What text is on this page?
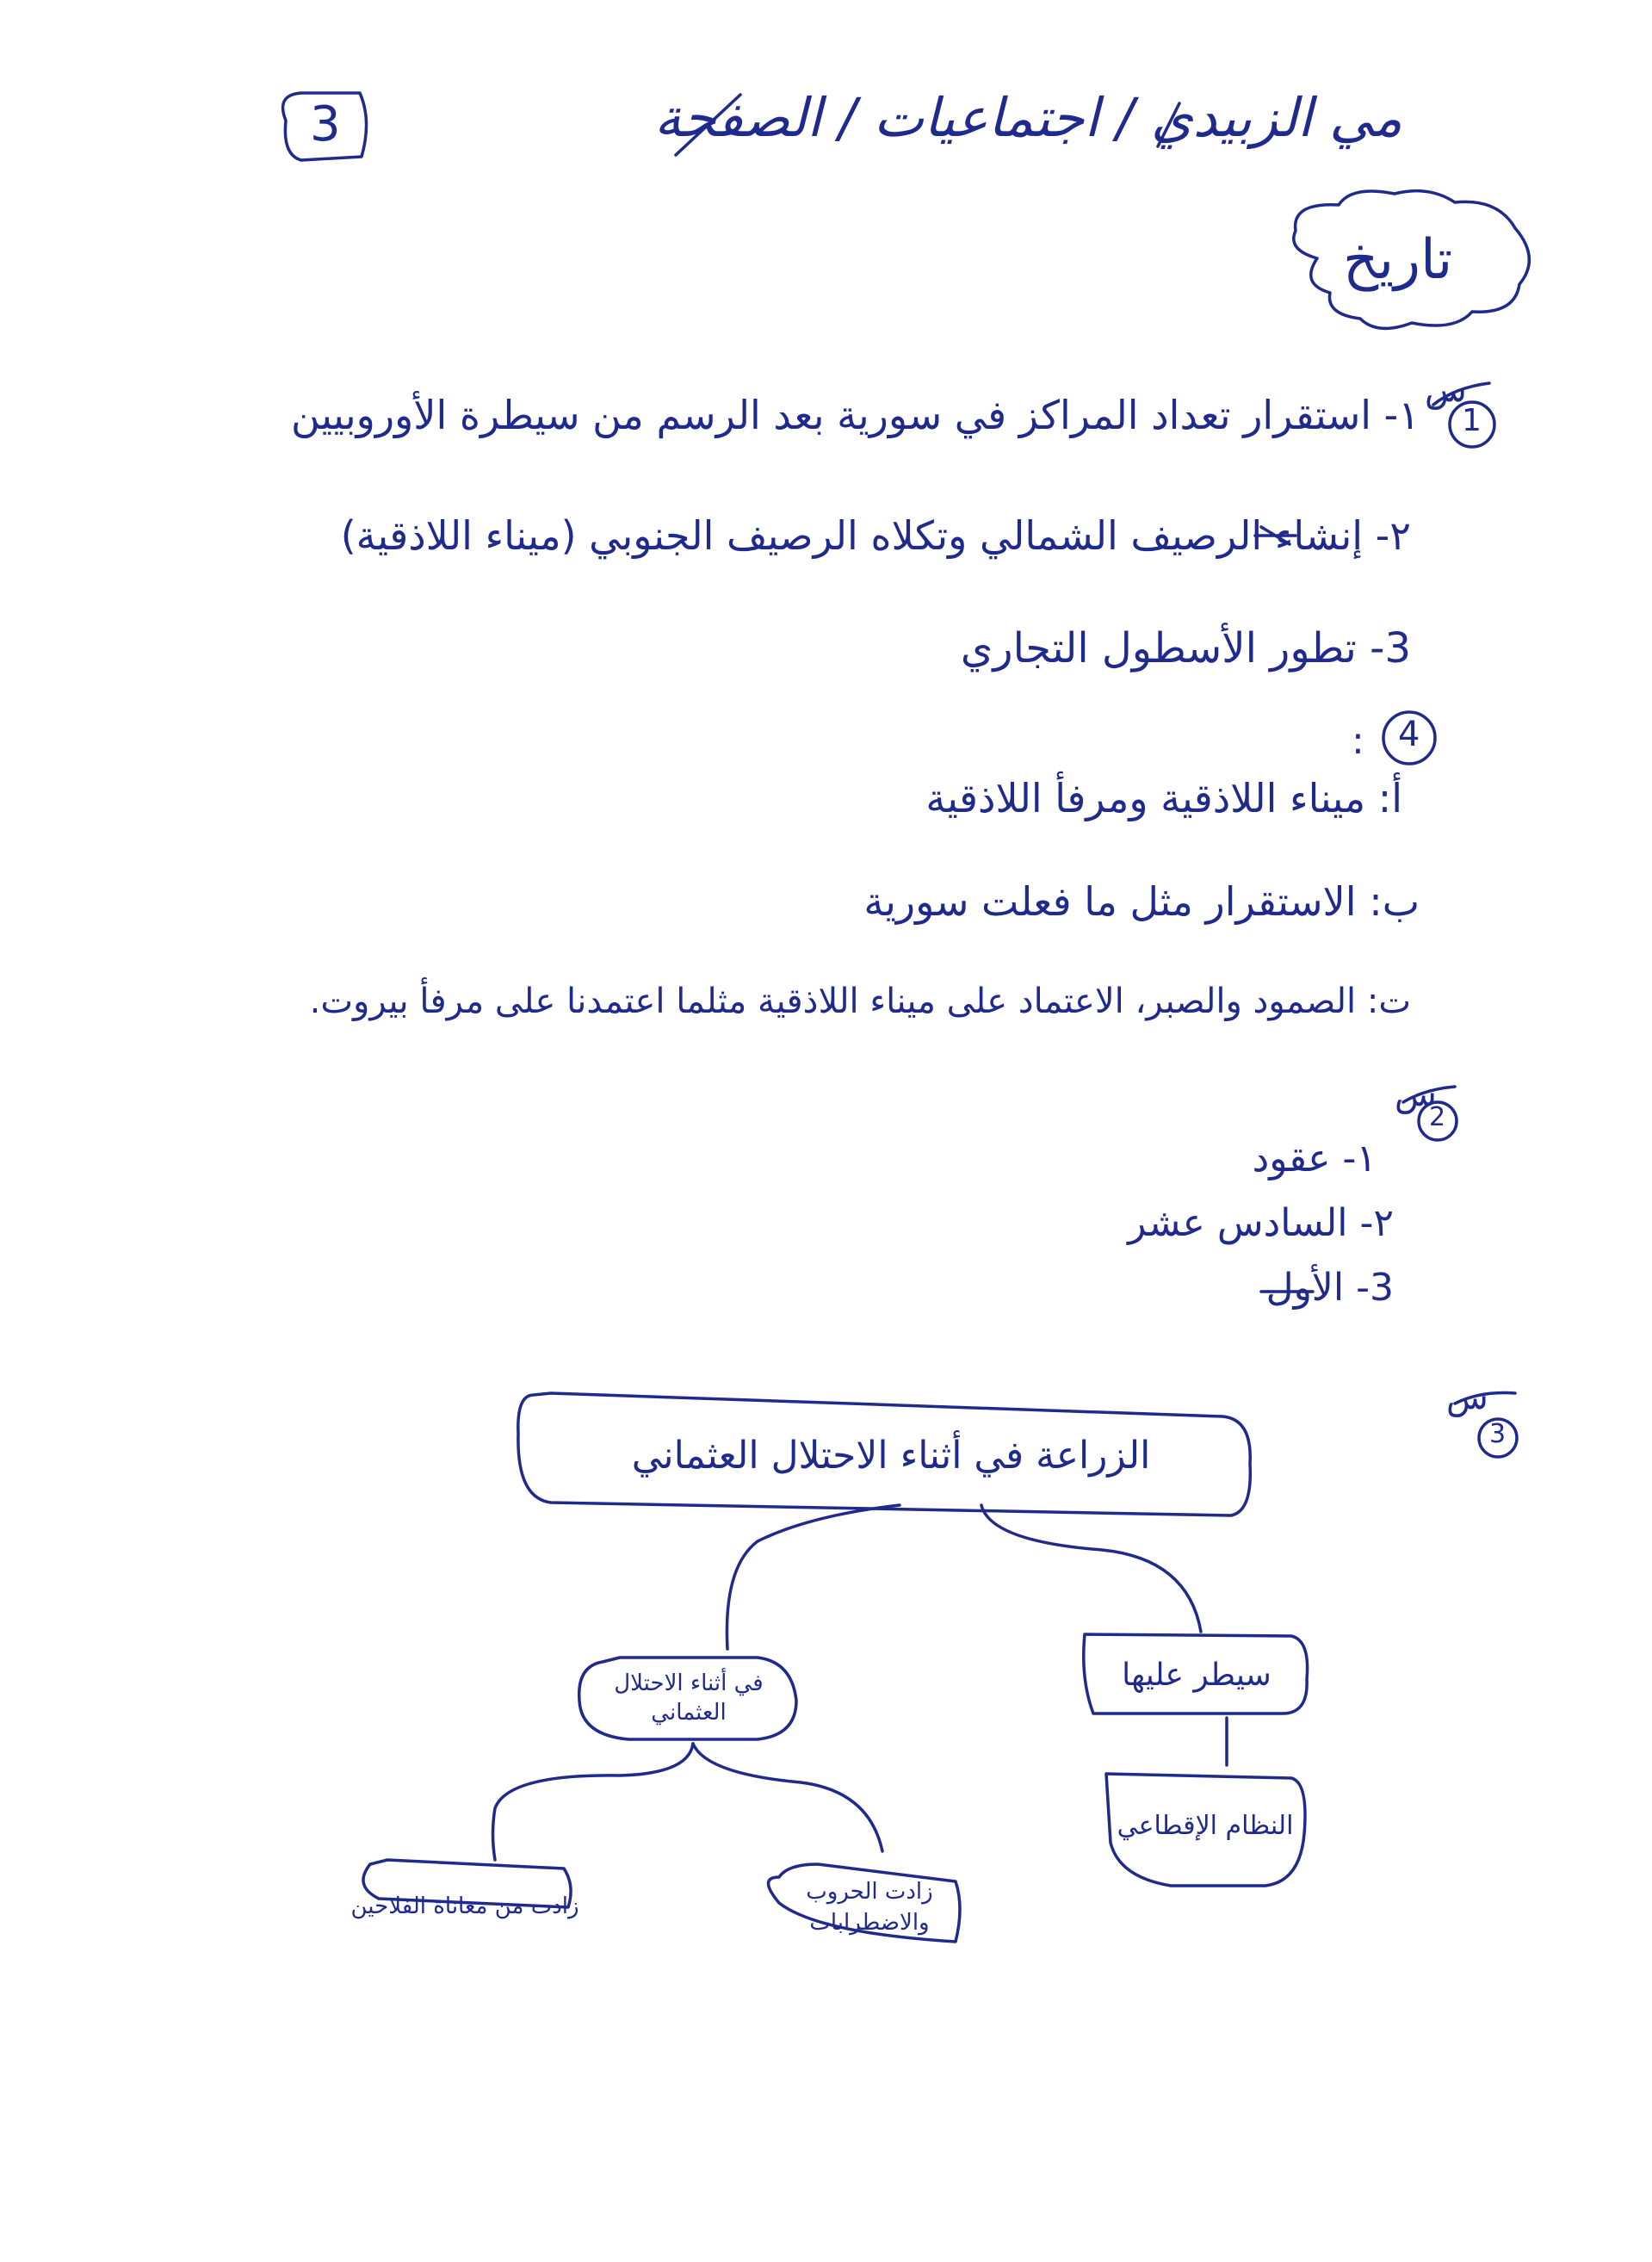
مي الزبيدي / اجتماعيات / الصفحة
3
تاريخ
س
1
١- استقرار تعداد المراكز في سورية بعد الرسم من سيطرة الأوروبيين
٢- إنشاء الرصيف الشمالي وتكلاه الرصيف الجنوبي (ميناء اللاذقية)
3- تطور الأسطول التجاري
4
:
أ: ميناء اللاذقية ومرفأ اللاذقية
ب: الاستقرار مثل ما فعلت سورية
ت: الصمود والصبر، الاعتماد على ميناء اللاذقية مثلما اعتمدنا على مرفأ بيروت.
س
2
١- عقود
٢- السادس عشر
3- الأول
س
3
الزراعة في أثناء الاحتلال العثماني
في أثناء الاحتلال العثماني
سيطر عليها
النظام الإقطاعي
زادت من معاناة الفلاحين
زادت الحروب والاضطرابات
